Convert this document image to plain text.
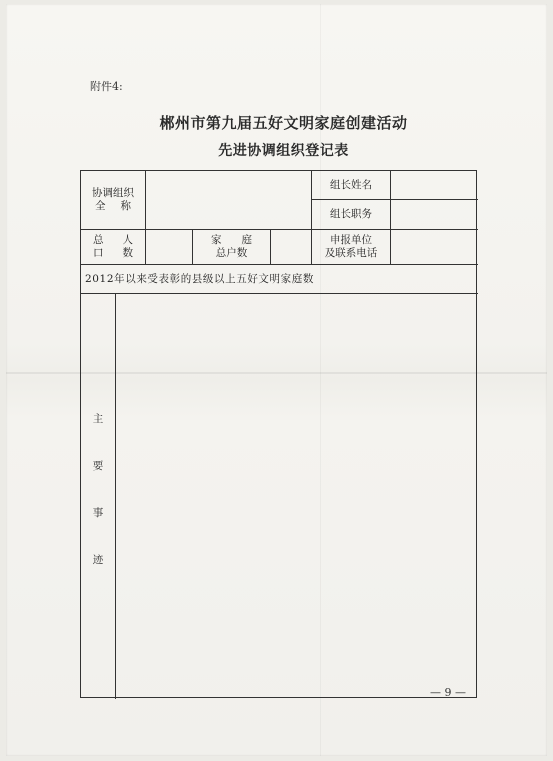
附件4:
郴州市第九届五好文明家庭创建活动
先进协调组织登记表
协调组织
全 称
组长姓名
组长职务
总 人
口 数
家 庭
总户数
申报单位
及联系电话
2012年以来受表彰的县级以上五好文明家庭数
主
要
事
迹
— 9 —
